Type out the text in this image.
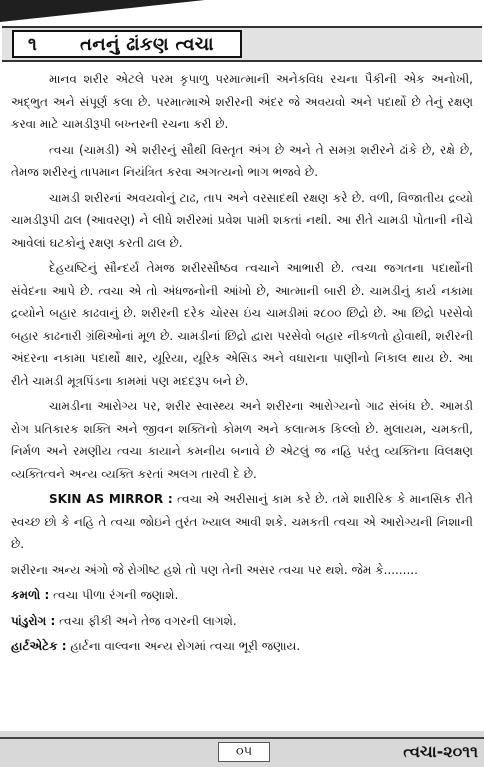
૧	તનનું ઢાંકણ ત્વચા

માનવ શરીર એટલે પરમ કૃપાળુ પરમાત્માની અનેકવિધ રચના પૈકીની એક અનોખી, અદ્‌ભુત અને સંપૂર્ણ કલા છે. પરમાત્માએ શરીરની અંદર જે અવયવો અને પદાર્થો છે તેનું રક્ષણ કરવા માટે ચામડીરૂપી બખ્તરની રચના કરી છે.

ત્વચા (ચામડી) એ શરીરનું સૌથી વિસ્તૃત અંગ છે અને તે સમગ્ર શરીરને ઢાંકે છે, રક્ષે છે, તેમજ શરીરનું તાપમાન નિયંત્રિત કરવા અગત્યનો ભાગ ભજવે છે.

ચામડી શરીરનાં અવયવોનું ટાઢ, તાપ અને વરસાદથી રક્ષણ કરે છે. વળી, વિજાતીય દ્રવ્યો ચામડીરૂપી ઢાલ (આવરણ) ને લીધે શરીરમાં પ્રવેશ પામી શકતાં નથી. આ રીતે ચામડી પોતાની નીચે આવેલાં ઘટકોનું રક્ષણ કરતી ઢાલ છે.

દેહયષ્ટિનું સૌન્દર્ય તેમજ શરીરસૌષ્ઠવ ત્વચાને આભારી છે. ત્વચા જગતના પદાર્થોની સંવેદના આપે છે. ત્વચા એ તો અંધજનોની આંખો છે, આત્માની બારી છે. ચામડીનું કાર્ય નકામા દ્રવ્યોને બહાર કાઢવાનું છે. શરીરની દરેક ચોરસ ઇંચ ચામડીમાં ૨૮૦૦ છિદ્રો છે. આ છિદ્રો પરસેવો બહાર કાઢનારી ગ્રંથિઓનાં મૂળ છે. ચામડીનાં છિદ્રો દ્વારા પરસેવો બહાર નીકળતો હોવાથી, શરીરની અંદરના નકામા પદાર્થો ક્ષાર, યૂરિયા, યૂરિક એસિડ અને વધારાના પાણીનો નિકાલ થાય છે. આ રીતે ચામડી મૂત્રપિંડના કામમાં પણ મદદરૂપ બને છે.

ચામડીના આરોગ્ય પર, શરીર સ્વાસ્થ્ય અને શરીરના આરોગ્યનો ગાઢ સંબંધ છે. આમડી રોગ પ્રતિકારક શક્તિ અને જીવન શક્તિનો કોમળ અને કલાત્મક કિલ્લો છે. મુલાયમ, ચમકતી, નિર્મળ અને રમણીય ત્વચા કાયાને કમનીય બનાવે છે એટલું જ નહિ પરંતુ વ્યક્તિના વિલક્ષણ વ્યક્તિત્વને અન્ય વ્યક્તિ કરતાં અલગ તારવી દે છે.

SKIN AS MIRROR : ત્વચા એ અરીસાનું કામ કરે છે. તમે શારીરિક કે માનસિક રીતે સ્વચ્છ છો કે નહિ તે ત્વચા જોઇને તુરંત ખ્યાલ આવી શકે. ચમકતી ત્વચા એ આરોગ્યની નિશાની છે.

શરીરના અન્ય અંગો જે રોગીષ્ટ હશે તો પણ તેની અસર ત્વચા પર થશે. જેમ કે.........

કમળો : ત્વચા પીળા રંગની જણાશે.

પાંડુરોગ : ત્વચા ફીકી અને તેજ વગરની લાગશે.

હાર્ટએટેક : હાર્ટના વાલ્વના અન્ય રોગમાં ત્વચા ભૂરી જણાય.

૦૫	ત્વચા-૨૦૧૧
